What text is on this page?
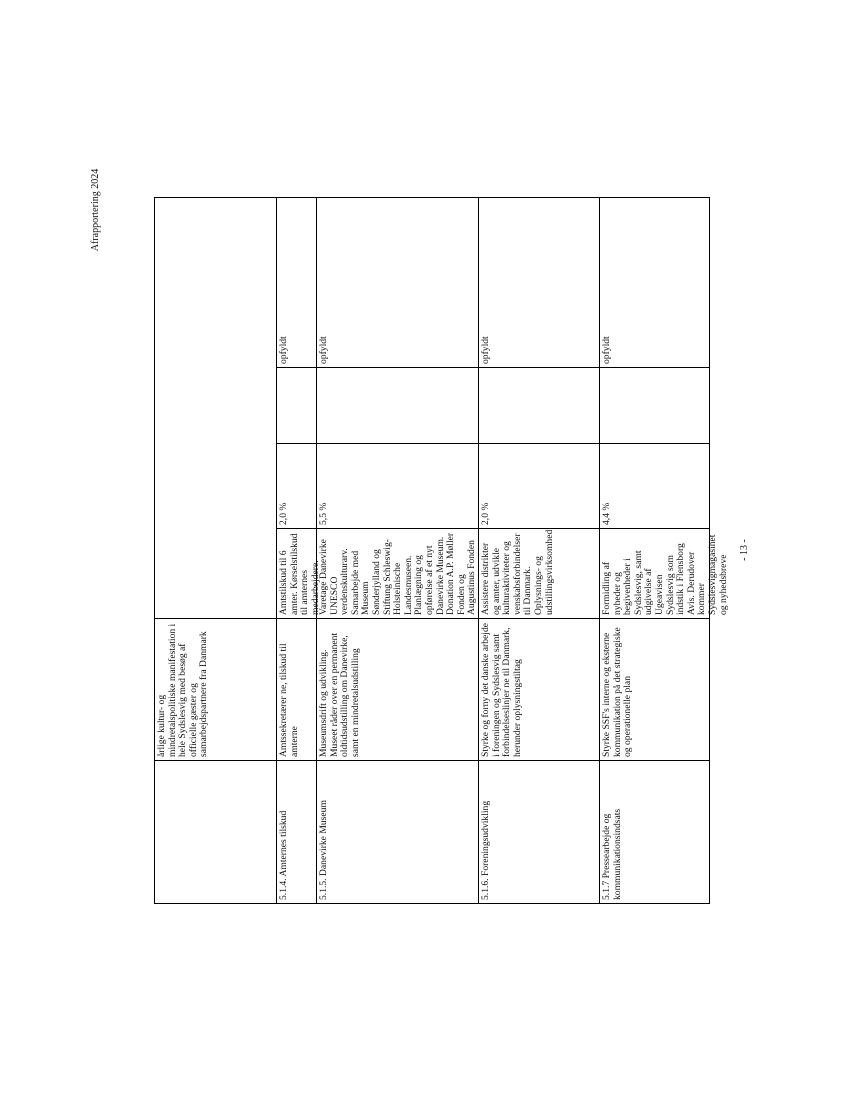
Afrapportering 2024
årlige kultur- og mindretalspolitiske manifestation i hele Sydslesvig med besøg af officielle gæster og samarbejdspartnere fra Danmark
5.1.4. Amternes tilskud
Amtssekretærer ne, tilskud til amterne
Amtstilskud til 6 amter. Kørselstilskud til amternes medarbejdere.
2,0 %
opfyldt
5.1.5. Danevirke Museum
Museumsdrift og udvikling. Museet råder over en permanent oldtidsudstilling om Danevirke, samt en mindretalsudstilling
Varetage Danevirke UNESCO verdenskulturarv. Samarbejde med Museum Sønderjylland og Stiftung Schleswig-Holsteinische Landesmuseen. Planlægning og opførelse af et nyt Danevirke Museum. Donation A.P. Møller Fonden og Augustinus Fonden
5,5 %
opfyldt
5.1.6. Foreningsudvikling
Styrke og forny det danske arbejde i foreningen og Sydslesvig samt forbindelseslinjer ne til Danmark, herunder oplysningstiltag
Assistere distrikter og amter, udvikle kulturaktiviteter og venskabsforbindelser til Danmark. Oplysnings- og udstillingsvirksomhed
2,0 %
opfyldt
5.1.7 Pressearbejde og kommunikationsindsats
Styrke SSF's interne og eksterne kommunikation på det strategiske og operationelle plan
Formidling af nyheder og begivenheder i Sydslesvig, samt udgivelse af Ugeavisen Sydslesvig som indstik i Flensborg Avis. Derudover kommer Sydslesvigmagasinet og nyhedsbreve
4,4 %
opfyldt
- 13 -
